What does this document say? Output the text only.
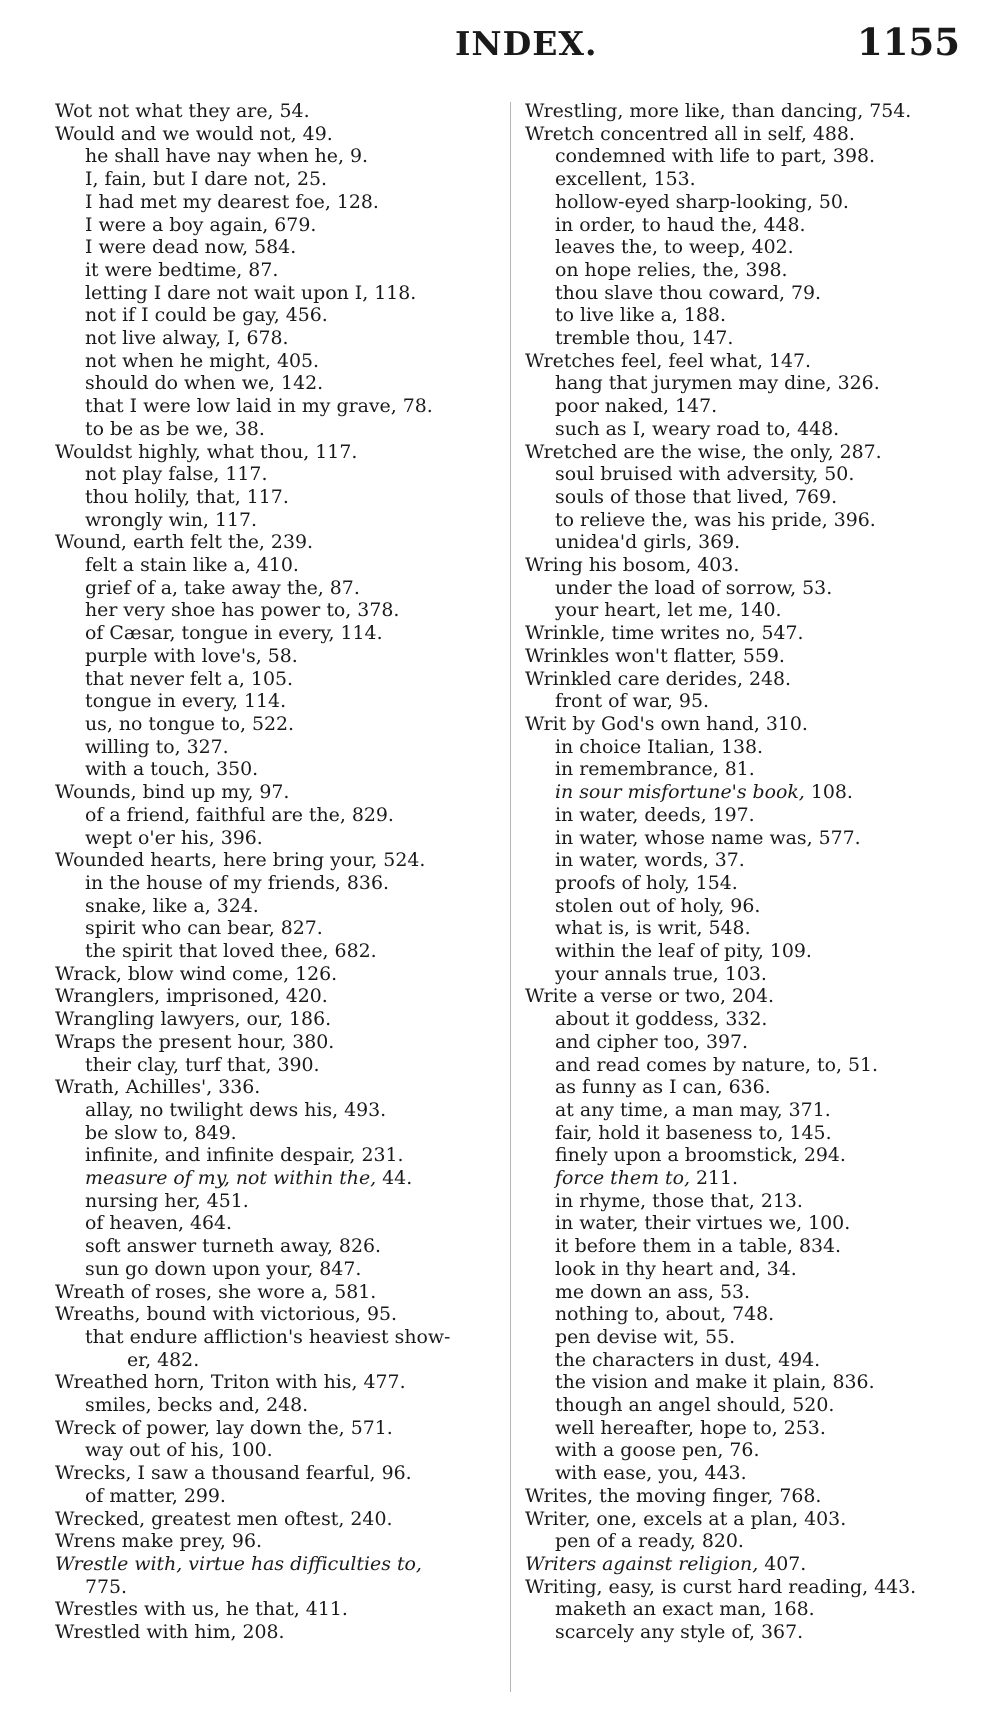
INDEX.	1155
Wot not what they are, 54.
Would and we would not, 49.
he shall have nay when he, 9.
I, fain, but I dare not, 25.
I had met my dearest foe, 128.
I were a boy again, 679.
I were dead now, 584.
it were bedtime, 87.
letting I dare not wait upon I, 118.
not if I could be gay, 456.
not live alway, I, 678.
not when he might, 405.
should do when we, 142.
that I were low laid in my grave, 78.
to be as be we, 38.
Wouldst highly, what thou, 117.
not play false, 117.
thou holily, that, 117.
wrongly win, 117.
Wound, earth felt the, 239.
felt a stain like a, 410.
grief of a, take away the, 87.
her very shoe has power to, 378.
of Cæsar, tongue in every, 114.
purple with love's, 58.
that never felt a, 105.
tongue in every, 114.
us, no tongue to, 522.
willing to, 327.
with a touch, 350.
Wounds, bind up my, 97.
of a friend, faithful are the, 829.
wept o'er his, 396.
Wounded hearts, here bring your, 524.
in the house of my friends, 836.
snake, like a, 324.
spirit who can bear, 827.
the spirit that loved thee, 682.
Wrack, blow wind come, 126.
Wranglers, imprisoned, 420.
Wrangling lawyers, our, 186.
Wraps the present hour, 380.
their clay, turf that, 390.
Wrath, Achilles', 336.
allay, no twilight dews his, 493.
be slow to, 849.
infinite, and infinite despair, 231.
measure of my, not within the, 44.
nursing her, 451.
of heaven, 464.
soft answer turneth away, 826.
sun go down upon your, 847.
Wreath of roses, she wore a, 581.
Wreaths, bound with victorious, 95.
that endure affliction's heaviest show-
er, 482.
Wreathed horn, Triton with his, 477.
smiles, becks and, 248.
Wreck of power, lay down the, 571.
way out of his, 100.
Wrecks, I saw a thousand fearful, 96.
of matter, 299.
Wrecked, greatest men oftest, 240.
Wrens make prey, 96.
Wrestle with, virtue has difficulties to,
775.
Wrestles with us, he that, 411.
Wrestled with him, 208.
Wrestling, more like, than dancing, 754.
Wretch concentred all in self, 488.
condemned with life to part, 398.
excellent, 153.
hollow-eyed sharp-looking, 50.
in order, to haud the, 448.
leaves the, to weep, 402.
on hope relies, the, 398.
thou slave thou coward, 79.
to live like a, 188.
tremble thou, 147.
Wretches feel, feel what, 147.
hang that jurymen may dine, 326.
poor naked, 147.
such as I, weary road to, 448.
Wretched are the wise, the only, 287.
soul bruised with adversity, 50.
souls of those that lived, 769.
to relieve the, was his pride, 396.
unidea'd girls, 369.
Wring his bosom, 403.
under the load of sorrow, 53.
your heart, let me, 140.
Wrinkle, time writes no, 547.
Wrinkles won't flatter, 559.
Wrinkled care derides, 248.
front of war, 95.
Writ by God's own hand, 310.
in choice Italian, 138.
in remembrance, 81.
in sour misfortune's book, 108.
in water, deeds, 197.
in water, whose name was, 577.
in water, words, 37.
proofs of holy, 154.
stolen out of holy, 96.
what is, is writ, 548.
within the leaf of pity, 109.
your annals true, 103.
Write a verse or two, 204.
about it goddess, 332.
and cipher too, 397.
and read comes by nature, to, 51.
as funny as I can, 636.
at any time, a man may, 371.
fair, hold it baseness to, 145.
finely upon a broomstick, 294.
force them to, 211.
in rhyme, those that, 213.
in water, their virtues we, 100.
it before them in a table, 834.
look in thy heart and, 34.
me down an ass, 53.
nothing to, about, 748.
pen devise wit, 55.
the characters in dust, 494.
the vision and make it plain, 836.
though an angel should, 520.
well hereafter, hope to, 253.
with a goose pen, 76.
with ease, you, 443.
Writes, the moving finger, 768.
Writer, one, excels at a plan, 403.
pen of a ready, 820.
Writers against religion, 407.
Writing, easy, is curst hard reading, 443.
maketh an exact man, 168.
scarcely any style of, 367.
